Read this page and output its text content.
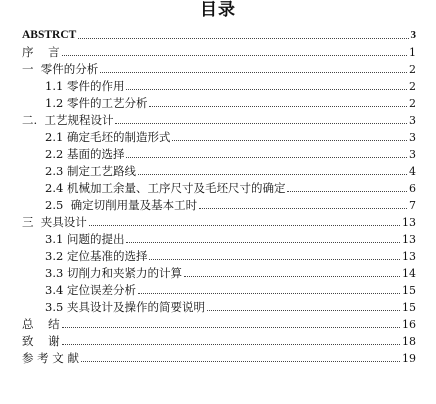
目录
ABSTRCT	3
序    言	1
一  零件的分析	2
1.1 零件的作用	2
1.2 零件的工艺分析	2
二.  工艺规程设计	3
2.1 确定毛坯的制造形式	3
2.2 基面的选择	3
2.3 制定工艺路线	4
2.4 机械加工余量、工序尺寸及毛坯尺寸的确定	6
2.5  确定切削用量及基本工时	7
三  夹具设计	13
3.1 问题的提出	13
3.2 定位基准的选择	13
3.3 切削力和夹紧力的计算	14
3.4 定位误差分析	15
3.5 夹具设计及操作的简要说明	15
总    结	16
致    谢	18
参 考 文 献	19
